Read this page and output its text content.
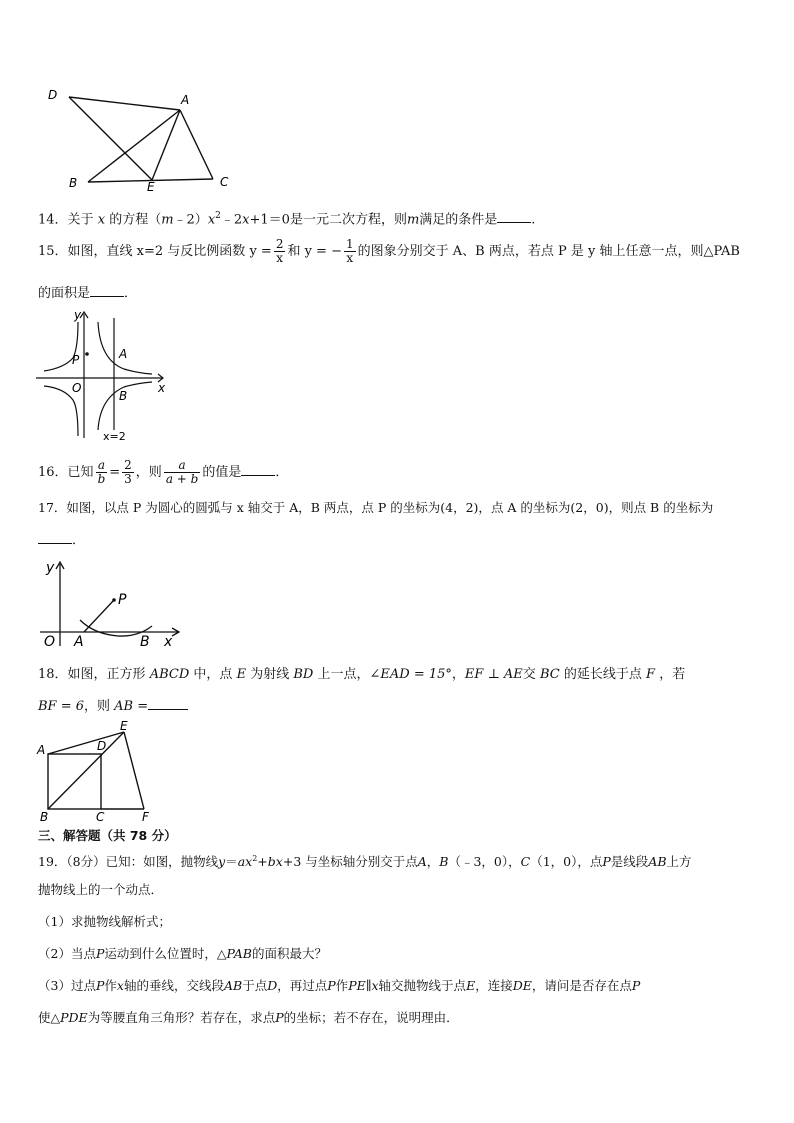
D	A
B	E	C
14．关于 x 的方程$(m﹣2)x^2﹣2x+1=0$是一元二次方程，则m满足的条件是	.
15．如图，直线 x=2 与反比例函数 $y = \frac{2}{x}$ 和 y = − $\frac{1}{x}$ 的图象分别交于 A、B 两点，若点 P 是 y 轴上任意一点，则△PAB
的面积是	．
y
x
P	A
O
B
x=2
16．已知 $\frac{a}{b} = \frac{2}{3}$ ，则 $\frac{a}{a + b}$ 的值是	．
17．如图，以点 P 为圆心的圆弧与 x 轴交于 A，B 两点，点 P 的坐标为(4，2)，点 A 的坐标为(2，0)，则点 B 的坐标为
．
y
P
O A	B x
18．如图，正方形 ABCD 中，点 E 为射线 BD 上一点，∠EAD = 15°，EF ⊥ AE交 BC 的延长线于点 F ，若
BF = 6，则 AB =
A	D
E
B	C	F
三、解答题（共 78 分）
19．（8分）已知：如图，抛物线$y=ax^2+bx+3$ 与坐标轴分别交于点A，B（﹣3，0），C（1，0），点P是线段AB上方
抛物线上的一个动点．
（1）求抛物线解析式；
（2）当点P运动到什么位置时，△PAB的面积最大？
（3）过点P作x轴的垂线，交线段AB于点D，再过点P作PE∥x轴交抛物线于点E，连接DE，请问是否存在点P
使△PDE为等腰直角三角形？若存在，求点P的坐标；若不存在，说明理由．
